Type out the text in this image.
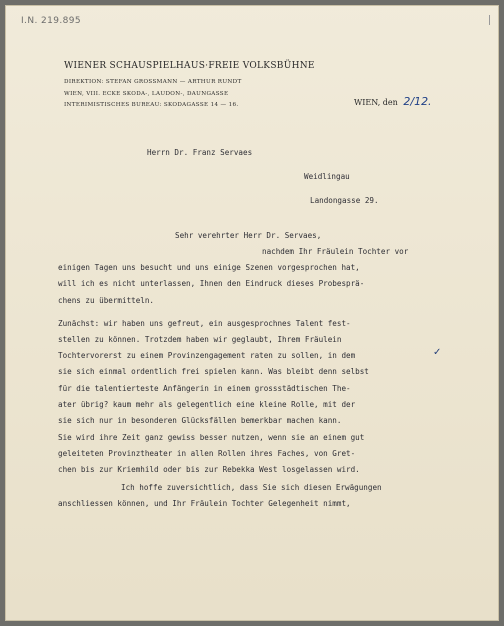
I.N. 219.895
WIENER SCHAUSPIELHAUS·FREIE VOLKSBÜHNE
DIREKTION: STEFAN GROSSMANN — ARTHUR RUNDT
WIEN, VIII. ECKE SKODA-, LAUDON-, DAUNGASSE
INTERIMISTISCHES BUREAU: SKODAGASSE 14 — 16.	WIEN, den 2/12.
Herrn Dr. Franz Servaes
Weidlingau
Landongasse 29.
Sehr verehrter Herr Dr. Servaes,
nachdem Ihr Fräulein Tochter vor
einigen Tagen uns besucht und uns einige Szenen vorgesprochen hat,
will ich es nicht unterlassen, Ihnen den Eindruck dieses Probesprä-
chens zu übermitteln.
Zunächst: wir haben uns gefreut, ein ausgesprochnes Talent fest-
stellen zu können. Trotzdem haben wir geglaubt, Ihrem Fräulein
Tochtervorerst zu einem Provinzengagement raten zu sollen, in dem
sie sich einmal ordentlich frei spielen kann. Was bleibt denn selbst
für die talentierteste Anfängerin in einem grossstädtischen The-
ater übrig? kaum mehr als gelegentlich eine kleine Rolle, mit der
sie sich nur in besonderen Glücksfällen bemerkbar machen kann.
Sie wird ihre Zeit ganz gewiss besser nutzen, wenn sie an einem gut
geleiteten Provinztheater in allen Rollen ihres Faches, von Gret-
chen bis zur Kriemhild oder bis zur Rebekka West losgelassen wird.
Ich hoffe zuversichtlich, dass Sie sich diesen Erwägungen
anschliessen können, und Ihr Fräulein Tochter Gelegenheit nimmt,
✓
